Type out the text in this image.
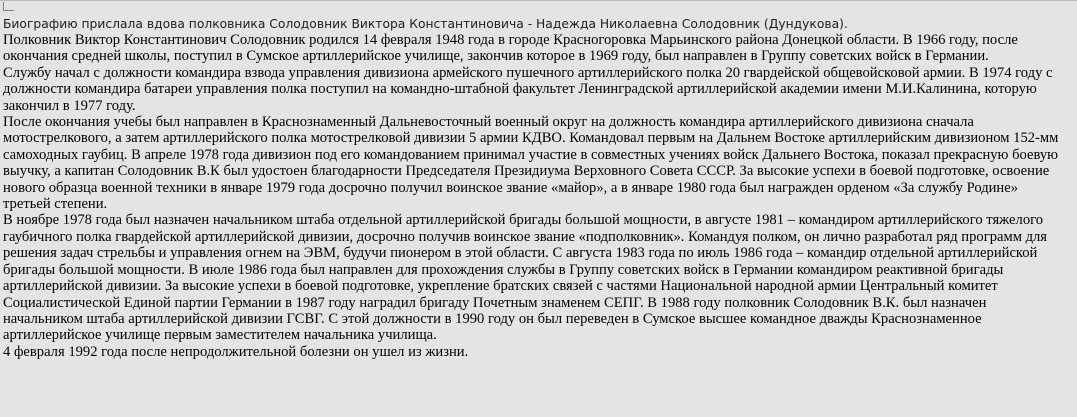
Биографию прислала вдова полковника Солодовник Виктора Константиновича - Надежда Николаевна Солодовник (Дундукова).

Полковник Виктор Константинович Солодовник родился 14 февраля 1948 года в городе Красногоровка Марьинского района Донецкой области. В 1966 году, после окончания средней школы, поступил в Сумское артиллерийское училище, закончив которое в 1969 году, был направлен в Группу советских войск в Германии.

Службу начал с должности командира взвода управления дивизиона армейского пушечного артиллерийского полка 20 гвардейской общевойсковой армии. В 1974 году с должности командира батареи управления полка поступил на командно-штабной факультет Ленинградской артиллерийской академии имени М.И.Калинина, которую закончил в 1977 году.

После окончания учебы был направлен в Краснознаменный Дальневосточный военный округ на должность командира артиллерийского дивизиона сначала мотострелкового, а затем артиллерийского полка мотострелковой дивизии 5 армии КДВО. Командовал первым на Дальнем Востоке артиллерийским дивизионом 152-мм самоходных гаубиц. В апреле 1978 года дивизион под его командованием принимал участие в совместных учениях войск Дальнего Востока, показал прекрасную боевую выучку, а капитан Солодовник В.К был удостоен благодарности Председателя Президиума Верховного Совета СССР. За высокие успехи в боевой подготовке, освоение нового образца военной техники в январе 1979 года досрочно получил воинское звание «майор», а в январе 1980 года был награжден орденом «За службу Родине» третьей степени.

В ноябре 1978 года был назначен начальником штаба отдельной артиллерийской бригады большой мощности, в августе 1981 – командиром артиллерийского тяжелого гаубичного полка гвардейской артиллерийской дивизии, досрочно получив воинское звание «подполковник». Командуя полком, он лично разработал ряд программ для решения задач стрельбы и управления огнем на ЭВМ, будучи пионером в этой области. С августа 1983 года по июль 1986 года – командир отдельной артиллерийской бригады большой мощности. В июле 1986 года был направлен для прохождения службы в Группу советских войск в Германии командиром реактивной бригады артиллерийской дивизии. За высокие успехи в боевой подготовке, укрепление братских связей с частями Национальной народной армии Центральный комитет Социалистической Единой партии Германии в 1987 году наградил бригаду Почетным знаменем СЕПГ. В 1988 году полковник Солодовник В.К. был назначен начальником штаба артиллерийской дивизии ГСВГ. С этой должности в 1990 году он был переведен в Сумское высшее командное дважды Краснознаменное артиллерийское училище первым заместителем начальника училища.

4 февраля 1992 года после непродолжительной болезни он ушел из жизни.
